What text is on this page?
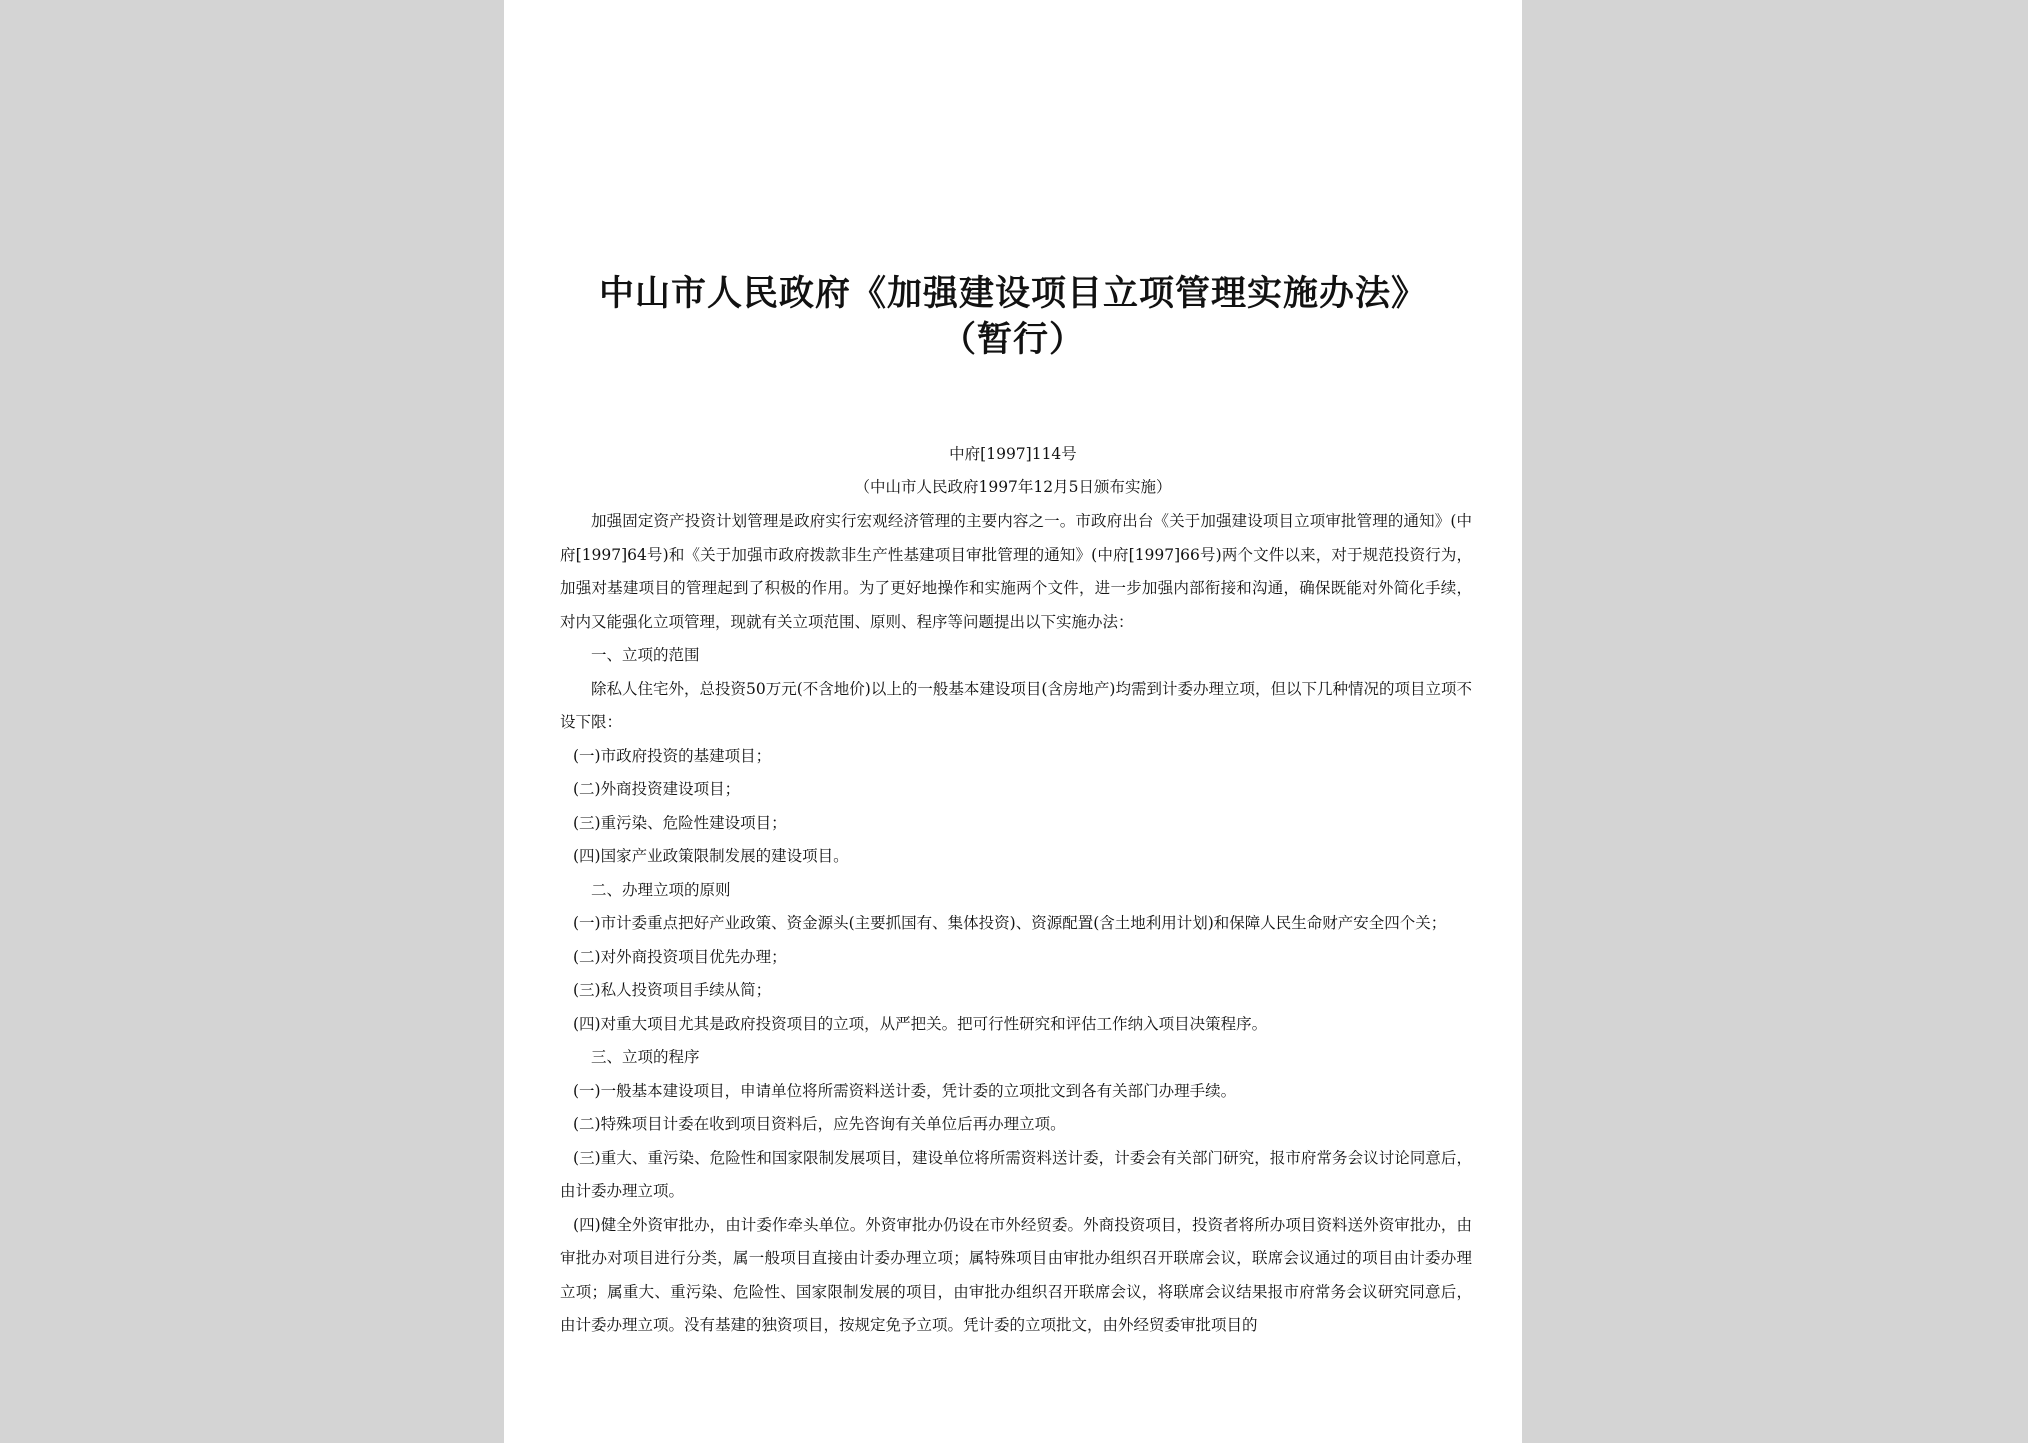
中山市人民政府《加强建设项目立项管理实施办法》
（暂行）
中府[1997]114号
（中山市人民政府1997年12月5日颁布实施）

加强固定资产投资计划管理是政府实行宏观经济管理的主要内容之一。市政府出台《关于加强建设项目立项审批管理的通知》(中府[1997]64号)和《关于加强市政府拨款非生产性基建项目审批管理的通知》(中府[1997]66号)两个文件以来，对于规范投资行为，加强对基建项目的管理起到了积极的作用。为了更好地操作和实施两个文件，进一步加强内部衔接和沟通，确保既能对外简化手续，对内又能强化立项管理，现就有关立项范围、原则、程序等问题提出以下实施办法：

一、立项的范围

除私人住宅外，总投资50万元(不含地价)以上的一般基本建设项目(含房地产)均需到计委办理立项，但以下几种情况的项目立项不设下限：

(一)市政府投资的基建项目；

(二)外商投资建设项目；

(三)重污染、危险性建设项目；

(四)国家产业政策限制发展的建设项目。

二、办理立项的原则

(一)市计委重点把好产业政策、资金源头(主要抓国有、集体投资)、资源配置(含土地利用计划)和保障人民生命财产安全四个关；

(二)对外商投资项目优先办理；

(三)私人投资项目手续从简；

(四)对重大项目尤其是政府投资项目的立项，从严把关。把可行性研究和评估工作纳入项目决策程序。

三、立项的程序

(一)一般基本建设项目，申请单位将所需资料送计委，凭计委的立项批文到各有关部门办理手续。

(二)特殊项目计委在收到项目资料后，应先咨询有关单位后再办理立项。

(三)重大、重污染、危险性和国家限制发展项目，建设单位将所需资料送计委，计委会有关部门研究，报市府常务会议讨论同意后，由计委办理立项。

(四)健全外资审批办，由计委作牵头单位。外资审批办仍设在市外经贸委。外商投资项目，投资者将所办项目资料送外资审批办，由审批办对项目进行分类，属一般项目直接由计委办理立项；属特殊项目由审批办组织召开联席会议，联席会议通过的项目由计委办理立项；属重大、重污染、危险性、国家限制发展的项目，由审批办组织召开联席会议，将联席会议结果报市府常务会议研究同意后，由计委办理立项。没有基建的独资项目，按规定免予立项。凭计委的立项批文，由外经贸委审批项目的
